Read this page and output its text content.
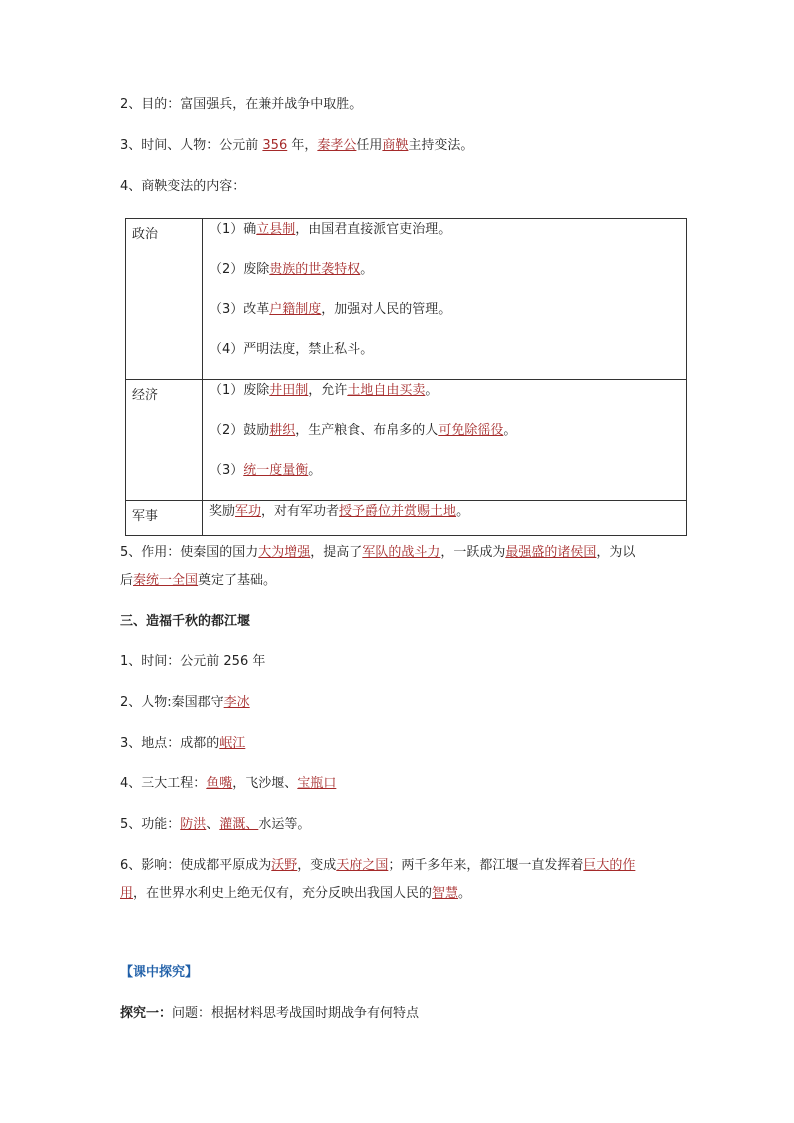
2、目的：富国强兵，在兼并战争中取胜。
3、时间、人物：公元前 356 年，秦孝公任用商鞅主持变法。
4、商鞅变法的内容：
政治	（1）确立县制，由国君直接派官吏治理。
（2）废除贵族的世袭特权。
（3）改革户籍制度，加强对人民的管理。
（4）严明法度，禁止私斗。

经济	（1）废除井田制，允许土地自由买卖。
（2）鼓励耕织，生产粮食、布帛多的人可免除徭役。
（3）统一度量衡。

军事	奖励军功，对有军功者授予爵位并赏赐土地。
5、作用：使秦国的国力大为增强，提高了军队的战斗力，一跃成为最强盛的诸侯国，为以
后秦统一全国奠定了基础。
三、造福千秋的都江堰
1、时间：公元前 256 年
2、人物:秦国郡守李冰
3、地点：成都的岷江
4、三大工程：鱼嘴，飞沙堰、宝瓶口
5、功能：防洪、灌溉、水运等。
6、影响：使成都平原成为沃野，变成天府之国；两千多年来，都江堰一直发挥着巨大的作
用，在世界水利史上绝无仅有，充分反映出我国人民的智慧。
【课中探究】
探究一：问题：根据材料思考战国时期战争有何特点
